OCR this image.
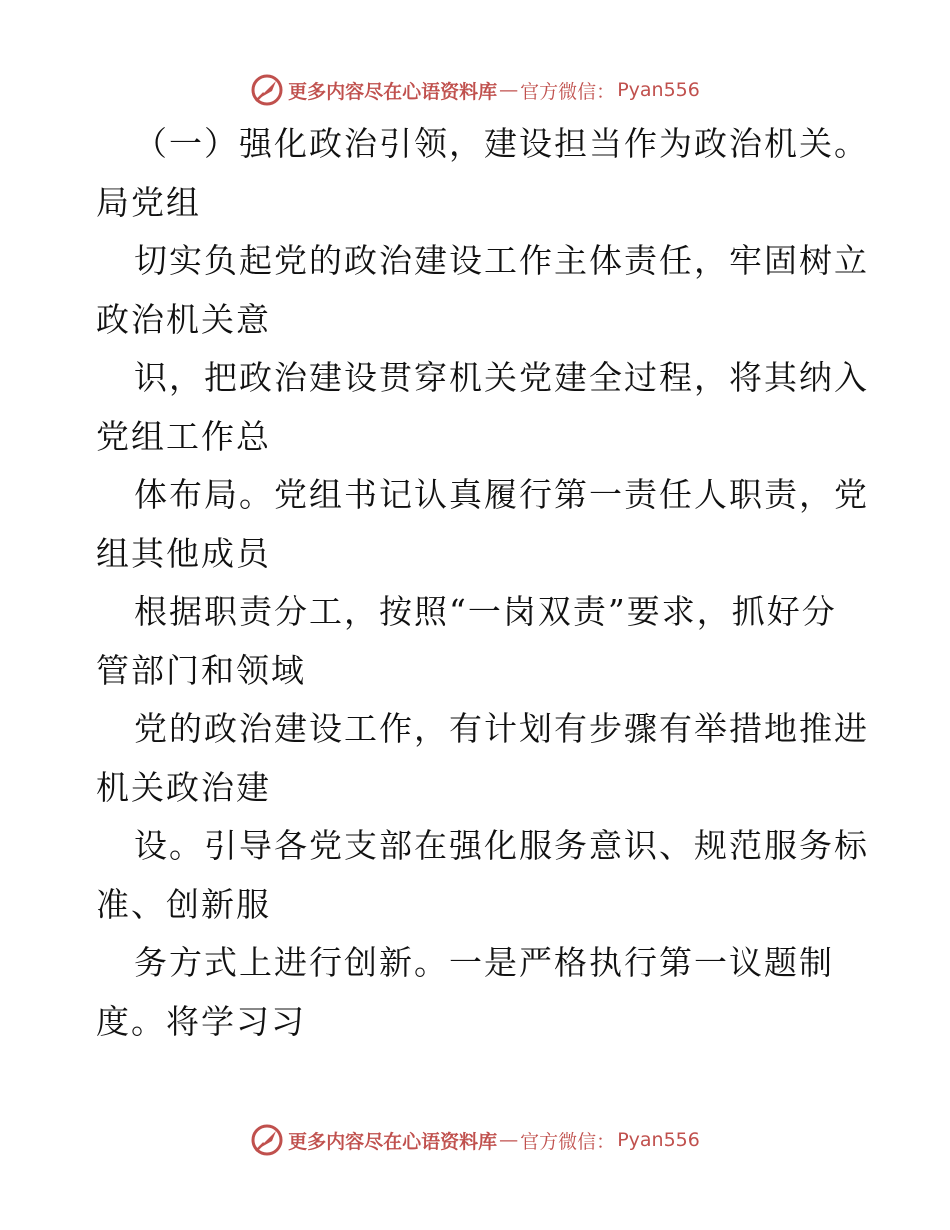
更多内容尽在心语资料库 — 官方微信： Pyan556
（一）强化政治引领，建设担当作为政治机关。
局党组
切实负起党的政治建设工作主体责任，牢固树立
政治机关意
识，把政治建设贯穿机关党建全过程，将其纳入
党组工作总
体布局。党组书记认真履行第一责任人职责，党
组其他成员
根据职责分工，按照“一岗双责”要求，抓好分
管部门和领域
党的政治建设工作，有计划有步骤有举措地推进
机关政治建
设。引导各党支部在强化服务意识、规范服务标
准、创新服
务方式上进行创新。一是严格执行第一议题制
度。将学习习
更多内容尽在心语资料库 — 官方微信： Pyan556
